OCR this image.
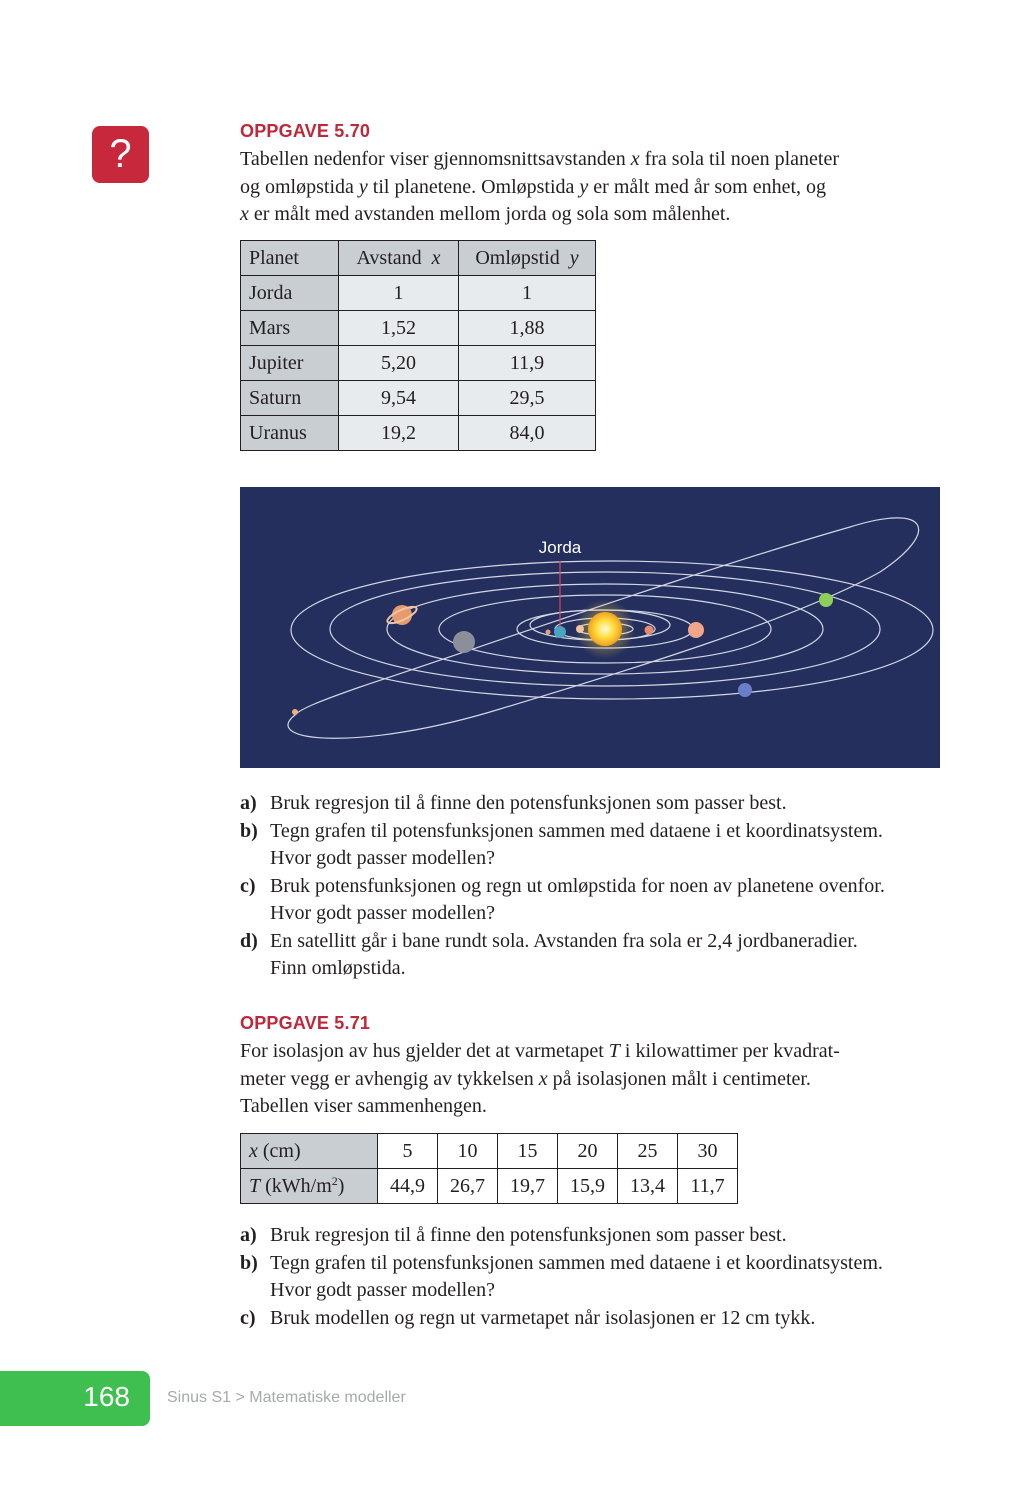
?
OPPGAVE 5.70
Tabellen nedenfor viser gjennomsnittsavstanden x fra sola til noen planeter
og omløpstida y til planetene. Omløpstida y er målt med år som enhet, og
x er målt med avstanden mellom jorda og sola som målenhet.
Planet	Avstand x	Omløpstid y
Jorda	1	1
Mars	1,52	1,88
Jupiter	5,20	11,9
Saturn	9,54	29,5
Uranus	19,2	84,0
Jorda
a) Bruk regresjon til å finne den potensfunksjonen som passer best.
b) Tegn grafen til potensfunksjonen sammen med dataene i et koordinatsystem.
Hvor godt passer modellen?
c) Bruk potensfunksjonen og regn ut omløpstida for noen av planetene ovenfor.
Hvor godt passer modellen?
d) En satellitt går i bane rundt sola. Avstanden fra sola er 2,4 jordbaneradier.
Finn omløpstida.
OPPGAVE 5.71
For isolasjon av hus gjelder det at varmetapet T i kilowattimer per kvadrat-
meter vegg er avhengig av tykkelsen x på isolasjonen målt i centimeter.
Tabellen viser sammenhengen.
x (cm)	5	10	15	20	25	30
T $(kWh/m^2)$	44,9	26,7	19,7	15,9	13,4	11,7
a) Bruk regresjon til å finne den potensfunksjonen som passer best.
b) Tegn grafen til potensfunksjonen sammen med dataene i et koordinatsystem.
Hvor godt passer modellen?
c) Bruk modellen og regn ut varmetapet når isolasjonen er 12 cm tykk.
168	Sinus S1 > Matematiske modeller
